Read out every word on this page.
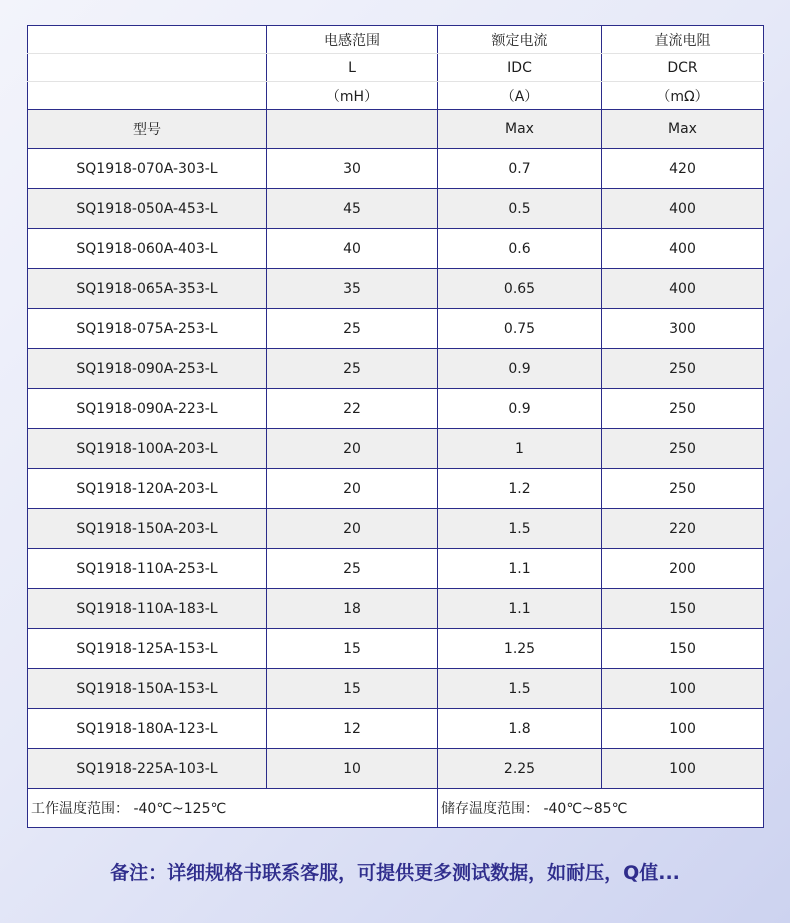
	电感范围	额定电流	直流电阻
	L	IDC	DCR
	（mH）	（A）	（mΩ）
型号		Max	Max
SQ1918-070A-303-L	30	0.7	420
SQ1918-050A-453-L	45	0.5	400
SQ1918-060A-403-L	40	0.6	400
SQ1918-065A-353-L	35	0.65	400
SQ1918-075A-253-L	25	0.75	300
SQ1918-090A-253-L	25	0.9	250
SQ1918-090A-223-L	22	0.9	250
SQ1918-100A-203-L	20	1	250
SQ1918-120A-203-L	20	1.2	250
SQ1918-150A-203-L	20	1.5	220
SQ1918-110A-253-L	25	1.1	200
SQ1918-110A-183-L	18	1.1	150
SQ1918-125A-153-L	15	1.25	150
SQ1918-150A-153-L	15	1.5	100
SQ1918-180A-123-L	12	1.8	100
SQ1918-225A-103-L	10	2.25	100
工作温度范围： -40℃~125℃		储存温度范围： -40℃~85℃	
备注：详细规格书联系客服，可提供更多测试数据，如耐压，Q值...
